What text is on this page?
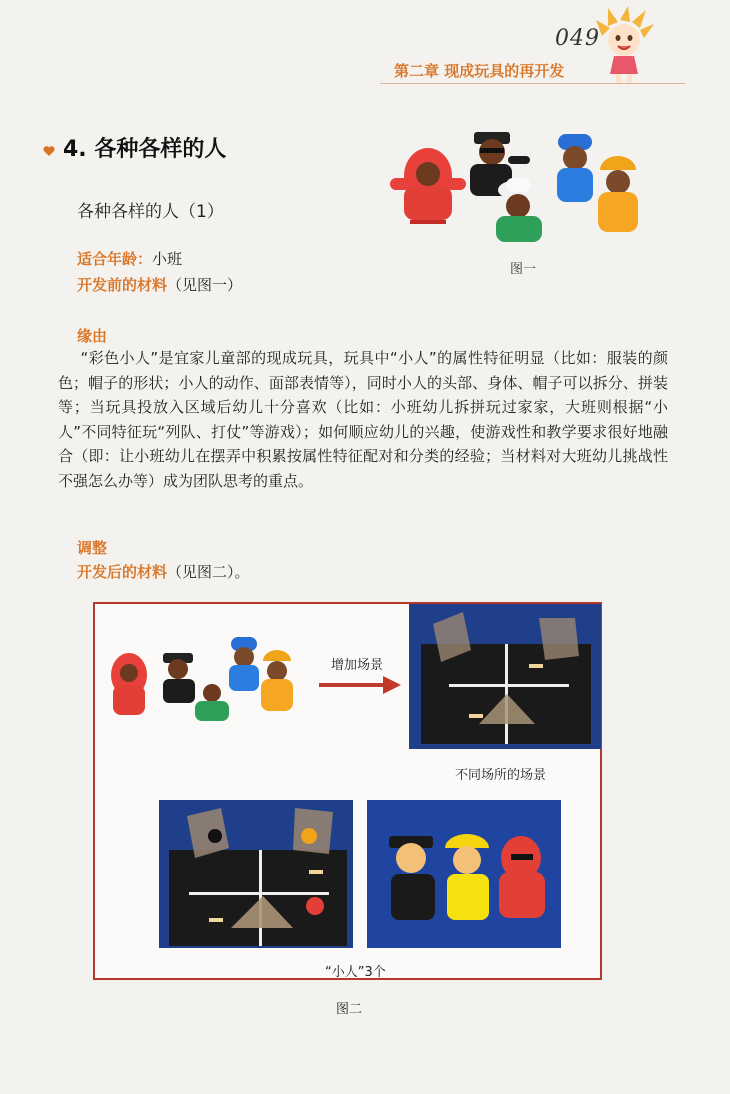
049
第二章 现成玩具的再开发
4. 各种各样的人
各种各样的人（1）
图一
适合年龄：小班
开发前的材料（见图一）
缘由
“彩色小人”是宜家儿童部的现成玩具，玩具中“小人”的属性特征明显（比如：服装的颜色；帽子的形状；小人的动作、面部表情等），同时小人的头部、身体、帽子可以拆分、拼装等；当玩具投放入区域后幼儿十分喜欢（比如：小班幼儿拆拼玩过家家，大班则根据“小人”不同特征玩“列队、打仗”等游戏）；如何顺应幼儿的兴趣，使游戏性和教学要求很好地融合（即：让小班幼儿在摆弄中积累按属性特征配对和分类的经验；当材料对大班幼儿挑战性不强怎么办等）成为团队思考的重点。
调整
开发后的材料（见图二）。
增加场景
不同场所的场景
“小人”3个
图二
